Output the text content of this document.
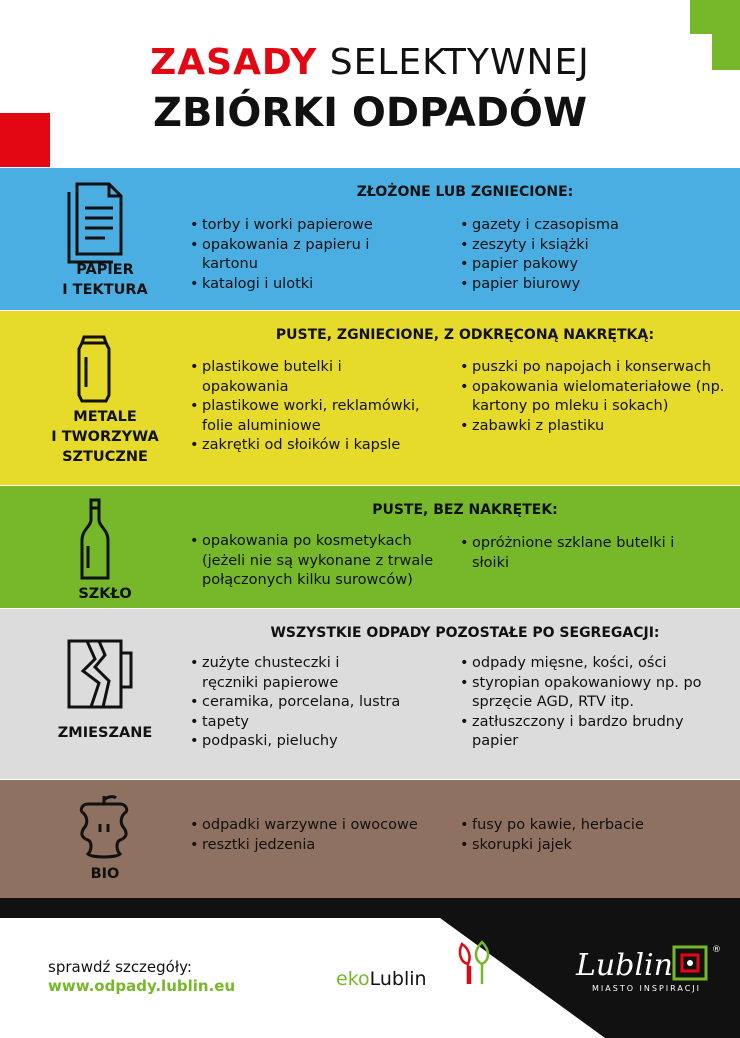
ZASADY SELEKTYWNEJ
ZBIÓRKI ODPADÓW
PAPIER
I TEKTURA
ZŁOŻONE LUB ZGNIECIONE:
• torby i worki papierowe
• opakowania z papieru i kartonu
• katalogi i ulotki
• gazety i czasopisma
• zeszyty i książki
• papier pakowy
• papier biurowy
METALE
I TWORZYWA
SZTUCZNE
PUSTE, ZGNIECIONE, Z ODKRĘCONĄ NAKRĘTKĄ:
• plastikowe butelki i opakowania
• plastikowe worki, reklamówki, folie aluminiowe
• zakrętki od słoików i kapsle
• puszki po napojach i konserwach
• opakowania wielomateriałowe (np. kartony po mleku i sokach)
• zabawki z plastiku
SZKŁO
PUSTE, BEZ NAKRĘTEK:
• opakowania po kosmetykach (jeżeli nie są wykonane z trwale połączonych kilku surowców)
• opróżnione szklane butelki i słoiki
ZMIESZANE
WSZYSTKIE ODPADY POZOSTAŁE PO SEGREGACJI:
• zużyte chusteczki i ręczniki papierowe
• ceramika, porcelana, lustra
• tapety
• podpaski, pieluchy
• odpady mięsne, kości, ości
• styropian opakowaniowy np. po sprzęcie AGD, RTV itp.
• zatłuszczony i bardzo brudny papier
BIO
• odpadki warzywne i owocowe
• resztki jedzenia
• fusy po kawie, herbacie
• skorupki jajek
sprawdź szczegóły:
www.odpady.lublin.eu	ekoLublin	Lublin	®
MIASTO INSPIRACJI
